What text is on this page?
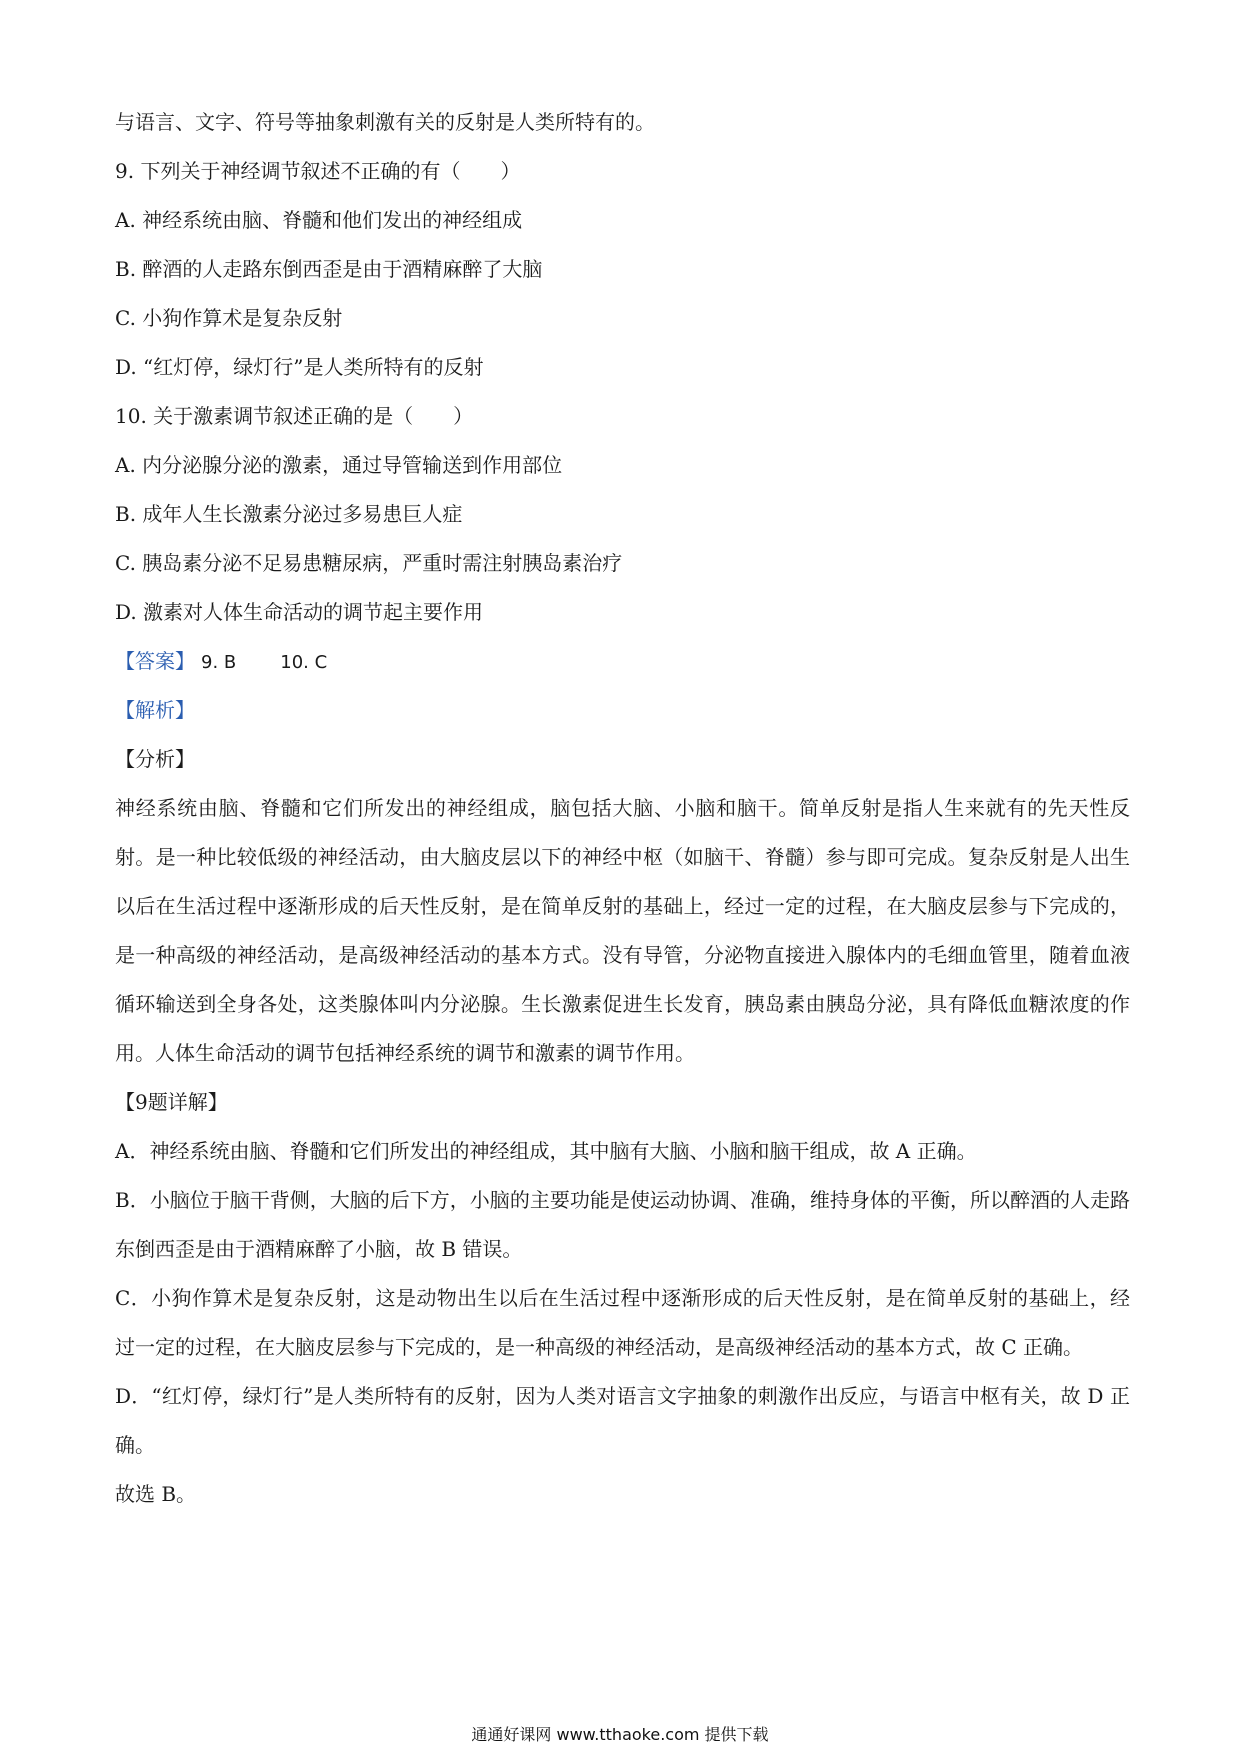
与语言、文字、符号等抽象刺激有关的反射是人类所特有的。
9. 下列关于神经调节叙述不正确的有（　　）
A. 神经系统由脑、脊髓和他们发出的神经组成
B. 醉酒的人走路东倒西歪是由于酒精麻醉了大脑
C. 小狗作算术是复杂反射
D. “红灯停，绿灯行”是人类所特有的反射
10. 关于激素调节叙述正确的是（　　）
A. 内分泌腺分泌的激素，通过导管输送到作用部位
B. 成年人生长激素分泌过多易患巨人症
C. 胰岛素分泌不足易患糖尿病，严重时需注射胰岛素治疗
D. 激素对人体生命活动的调节起主要作用
【答案】 9. B 10. C
【解析】
【分析】
神经系统由脑、脊髓和它们所发出的神经组成，脑包括大脑、小脑和脑干。简单反射是指人生来就有的先天性反射。是一种比较低级的神经活动，由大脑皮层以下的神经中枢（如脑干、脊髓）参与即可完成。复杂反射是人出生以后在生活过程中逐渐形成的后天性反射，是在简单反射的基础上，经过一定的过程，在大脑皮层参与下完成的，是一种高级的神经活动，是高级神经活动的基本方式。没有导管，分泌物直接进入腺体内的毛细血管里，随着血液循环输送到全身各处，这类腺体叫内分泌腺。生长激素促进生长发育，胰岛素由胰岛分泌，具有降低血糖浓度的作用。人体生命活动的调节包括神经系统的调节和激素的调节作用。
【9题详解】
A．神经系统由脑、脊髓和它们所发出的神经组成，其中脑有大脑、小脑和脑干组成，故 A 正确。
B．小脑位于脑干背侧，大脑的后下方，小脑的主要功能是使运动协调、准确，维持身体的平衡，所以醉酒的人走路东倒西歪是由于酒精麻醉了小脑，故 B 错误。
C．小狗作算术是复杂反射，这是动物出生以后在生活过程中逐渐形成的后天性反射，是在简单反射的基础上，经过一定的过程，在大脑皮层参与下完成的，是一种高级的神经活动，是高级神经活动的基本方式，故 C 正确。
D．“红灯停，绿灯行”是人类所特有的反射，因为人类对语言文字抽象的刺激作出反应，与语言中枢有关，故 D 正确。
故选 B。
通通好课网 www.tthaoke.com 提供下载
